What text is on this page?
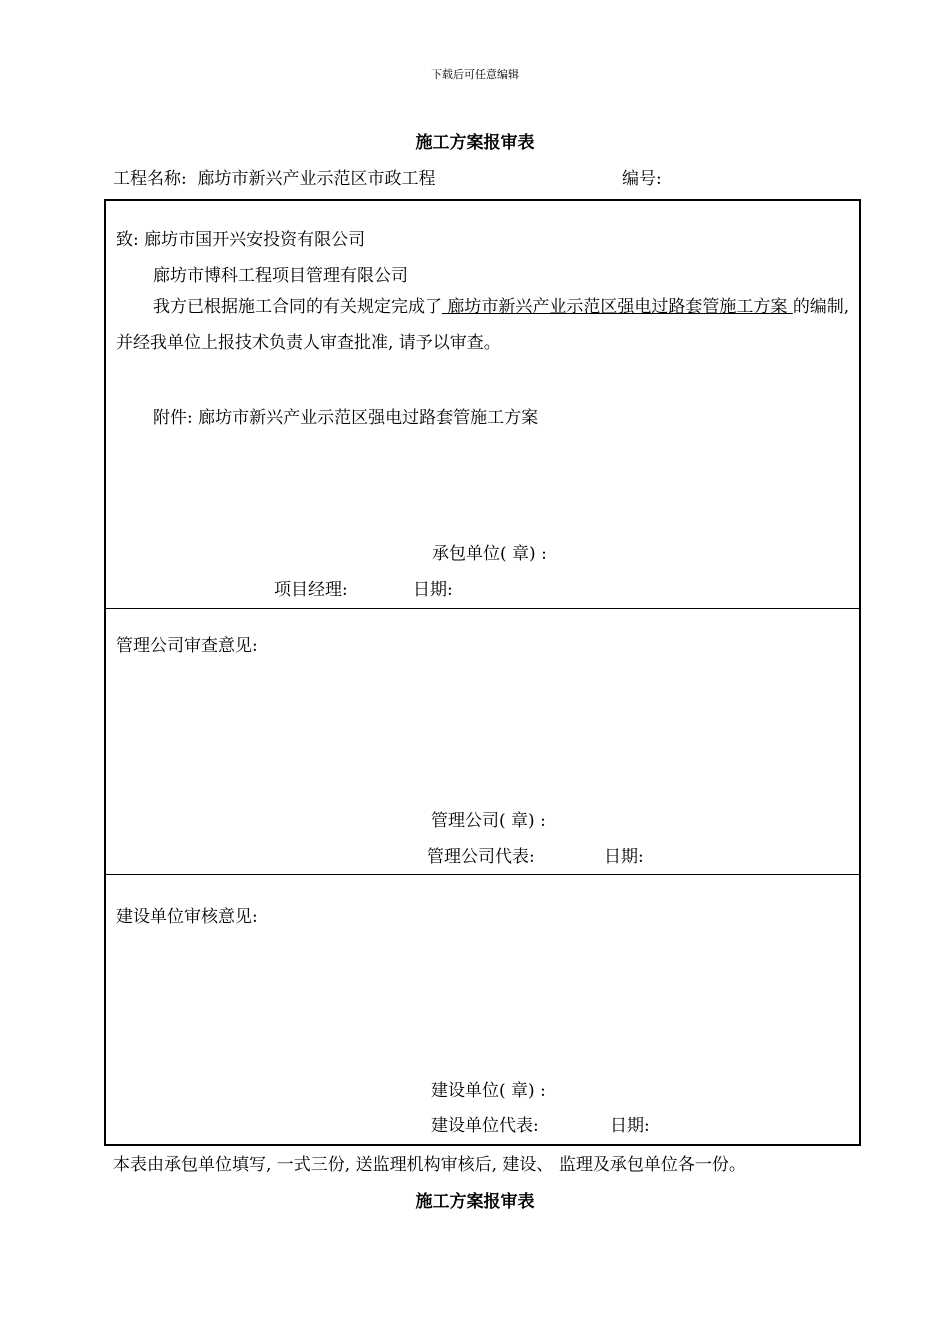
下载后可任意编辑
施工方案报审表
工程名称: 廊坊市新兴产业示范区市政工程	编号:
致: 廊坊市国开兴安投资有限公司
廊坊市博科工程项目管理有限公司
我方已根据施工合同的有关规定完成了 廊坊市新兴产业示范区强电过路套管施工方案 的编制, 并经我单位上报技术负责人审查批准, 请予以审查。
附件: 廊坊市新兴产业示范区强电过路套管施工方案
承包单位( 章) :
项目经理:	日期:
管理公司审查意见:
管理公司( 章) :
管理公司代表:	日期:
建设单位审核意见:
建设单位( 章) :
建设单位代表:	日期:
本表由承包单位填写, 一式三份, 送监理机构审核后, 建设、 监理及承包单位各一份。
施工方案报审表
